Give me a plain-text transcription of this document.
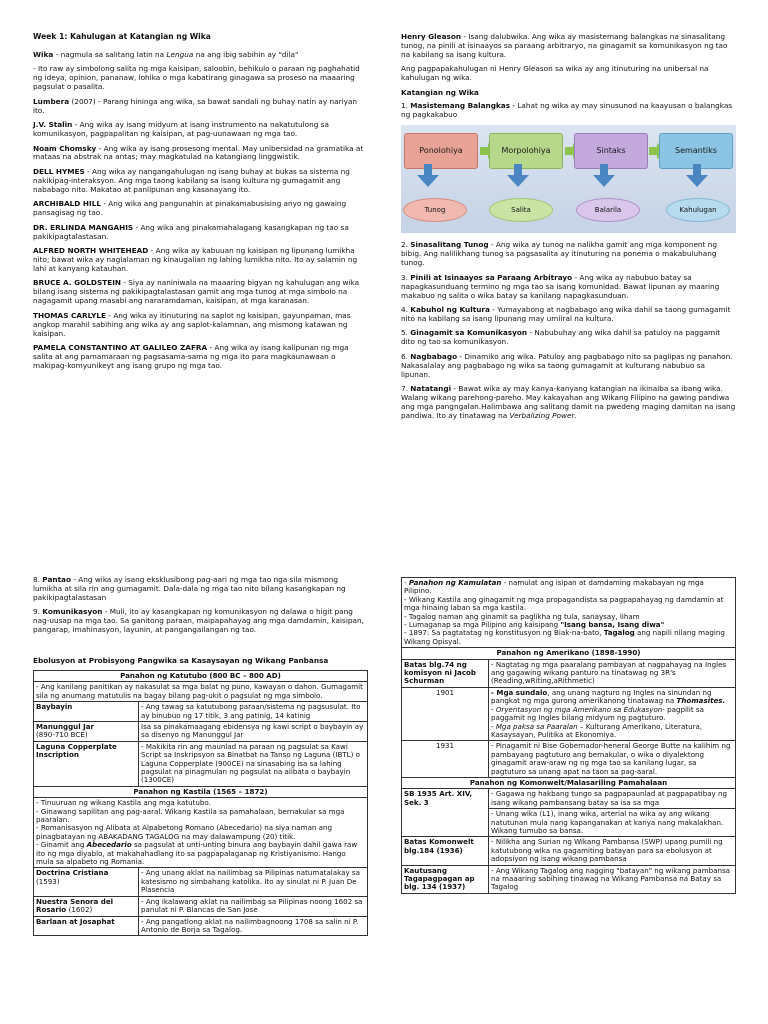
Week 1: Kahulugan at Katangian ng Wika

Wika - nagmula sa salitang latin na Lengua na ang ibig sabihin ay "dila"

- Ito raw ay simbolong salita ng mga kaisipan, saloobin, behikulo o paraan ng paghahatid ng ideya, opinion, pananaw, lohika o mga kabatirang ginagawa sa proseso na maaaring pagsulat o pasalita.

Lumbera (2007) - Parang hininga ang wika, sa bawat sandali ng buhay natin ay nariyan ito.

J.V. Stalin - Ang wika ay isang midyum at isang instrumento na nakatutulong sa komunikasyon, pagpapalitan ng kaisipan, at pag-uunawaan ng mga tao.

Noam Chomsky - Ang wika ay isang prosesong mental. May unibersidad na gramatika at mataas na abstrak na antas; may magkatulad na katangiang linggwistik.

DELL HYMES - Ang wika ay nangangahulugan ng isang buhay at bukas sa sistema ng nakikipag-interaksyon. Ang mga taong kabilang sa isang kultura ng gumagamit ang nababago nito. Makatao at panlipunan ang kasanayang ito.

ARCHIBALD HILL - Ang wika ang pangunahin at pinakamabusising anyo ng gawaing pansagisag ng tao.

DR. ERLINDA MANGAHIS - Ang wika ang pinakamahalagang kasangkapan ng tao sa pakikipagtalastasan.

ALFRED NORTH WHITEHEAD - Ang wika ay kabuuan ng kaisipan ng lipunang lumikha nito; bawat wika ay naglalaman ng kinaugalian ng lahing lumikha nito. Ito ay salamin ng lahi at kanyang katauhan.

BRUCE A. GOLDSTEIN - Siya ay naniniwala na maaaring bigyan ng kahulugan ang wika bilang isang sistema ng pakikipagtalastasan gamit ang mga tunog at mga simbolo na nagagamit upang masabi ang nararamdaman, kaisipan, at mga karanasan.

THOMAS CARLYLE - Ang wika ay itinuturing na saplot ng kaisipan, gayunpaman, mas angkop marahil sabihing ang wika ay ang saplot-kalamnan, ang mismong katawan ng kaisipan.

PAMELA CONSTANTINO AT GALILEO ZAFRA - Ang wika ay isang kalipunan ng mga salita at ang pamamaraan ng pagsasama-sama ng mga ito para magkaunawaan o makipag-komyunikeyt ang isang grupo ng mga tao.

Henry Gleason - Isang dalubwika. Ang wika ay masistemang balangkas na sinasalitang tunog, na pinili at isinaayos sa paraang arbitraryo, na ginagamit sa komunikasyon ng tao na kabilang sa isang kultura.

Ang pagpapakahulugan ni Henry Gleason sa wika ay ang itinuturing na unibersal na kahulugan ng wika.

Katangian ng Wika

1. Masistemang Balangkas - Lahat ng wika ay may sinusunod na kaayusan o balangkas ng pagkakabuo

Ponolohiya	Morpolohiya	Sintaks	Semantiks
Tunog	Salita	Balarila	Kahulugan

2. Sinasalitang Tunog - Ang wika ay tunog na nalikha gamit ang mga komponent ng bibig. Ang nalilikhang tunog sa pagsasalita ay itinuturing na ponema o makabuluhang tunog.

3. Pinili at Isinaayos sa Paraang Arbitrayo - Ang wika ay nabubuo batay sa napagkasunduang termino ng mga tao sa isang komunidad. Bawat lipunan ay maaring makabuo ng salita o wika batay sa kanilang napagkasunduan.

4. Kabuhol ng Kultura - Yumayabong at nagbabago ang wika dahil sa taong gumagamit nito na kabilang sa isang lipunang may umiiral na kultura.

5. Ginagamit sa Komunikasyon - Nabubuhay ang wika dahil sa patuloy na paggamit dito ng tao sa komunikasyon.

6. Nagbabago - Dinamiko ang wika. Patuloy ang pagbabago nito sa paglipas ng panahon. Nakasalalay ang pagbabago ng wika sa taong gumagamit at kulturang nabubuo sa lipunan.

7. Natatangi - Bawat wika ay may kanya-kanyang katangian na ikinaiba sa ibang wika. Walang wikang parehong-pareho. May kakayahan ang Wikang Filipino na gawing pandiwa ang mga pangngalan.Halimbawa ang salitang damit na pwedeng maging damitan na isang pandiwa. Ito ay tinatawag na Verbalizing Power.

8. Pantao - Ang wika ay isang eksklusibong pag-aari ng mga tao nga sila mismong lumikha at sila rin ang gumagamit. Dala-dala ng mga tao nito bilang kasangkapan ng pakikipagtalastasan

9. Komunikasyon - Muli, ito ay kasangkapan ng komunikasyon ng dalawa o higit pang nag-uusap na mga tao. Sa ganitong paraan, maipapahayag ang mga damdamin, kaisipan, pangarap, imahinasyon, layunin, at pangangailangan ng tao.

Ebolusyon at Probisyong Pangwika sa Kasaysayan ng Wikang Panbansa

Panahon ng Katutubo (800 BC – 800 AD)	
- Ang kanilang panitikan ay nakasulat sa mga balat ng puno, kawayan o dahon. Gumagamit sila ng anumang matutulis na bagay bilang pag-ukit o pagsulat ng mga simbolo.	
Baybayin	- Ang tawag sa katutubong paraan/sistema ng pagsusulat. Ito ay binubuo ng 17 titik, 3 ang patinig, 14 katinig
Manunggul Jar
(890-710 BCE)	Isa sa pinakamaagang ebidensya ng kawi script o baybayin ay sa disenyo ng Manunggul Jar
Laguna Copperplate Inscription	- Makikita rin ang maunlad na paraan ng pagsulat sa Kawi Script sa Inskripsyon sa Binatbat na Tanso ng Laguna (IBTL) o Laguna Copperplate (900CE) na sinasabing isa sa lahing pagsulat na pinagmulan ng pagsulat na alibata o baybayin (1300CE)
Panahon ng Kastila (1565 – 1872)	

- Tinuuruan ng wikang Kastila ang mga katutubo.
- Ginawang sapilitan ang pag-aaral. Wikang Kastila sa pamahalaan, bernakular sa mga paaralan.
- Romanisasyon ng Alibata at Alpabetong Romano (Abecedario) na siya naman ang pinagbatayan ng ABAKADANG TAGALOG na may dalawampung (20) titik.
- Ginamit ang Abecedario sa pagsulat at unti-unting binura ang baybayin dahil gawa raw ito ng mga diyablo, at makahahadlang ito sa pagpapalaganap ng Kristiyanismo. Hango mula sa alpabeto ng Romania.	

Doctrina Cristiana
(1593)	- Ang unang aklat na nailimbag sa Pilipinas natumatalakay sa katesismo ng simbahang katolika. Ito ay sinulat ni P. Juan De Plasencia
Nuestra Senora del Rosario (1602)	- Ang ikalawang aklat na nailimbag sa Pilipinas noong 1602 sa panulat ni P. Blancas de San Jose
Barlaan at Josaphat	- Ang pangatlong aklat na nailimbagnoong 1708 sa salin ni P. Antonio de Borja sa Tagalog.
- Panahon ng Kamulatan - namulat ang isipan at damdaming makabayan ng mga Pilipino.
- Wikang Kastila ang ginagamit ng mga propagandista sa pagpapahayag ng damdamin at mga hinaing laban sa mga kastila.
- Tagalog naman ang ginamit sa paglikha ng tula, sanaysay, liham
- Lumaganap sa mga Pilipino ang kaisipang "Isang bansa, Isang diwa"
- 1897: Sa pagtatatag ng konstitusyon ng Biak-na-bato, Tagalog ang napili nilang maging Wikang Opisyal.	

Panahon ng Amerikano (1898-1990)	
Batas blg.74 ng komisyon ni Jacob Schurman	- Nagtatag ng mga paaralang pambayan at nagpahayag na Ingles ang gagawing wikang panturo na tinatawag ng 3R's (Reading,wRiting,aRithmetic)
1901	- Mga sundalo, ang unang nagturo ng Ingles na sinundan ng pangkat ng mga gurong amerikanong tinatawag na Thomasites.
- Oryentasyon ng mga Amerikano sa Edukasyon- pagpilit sa paggamit ng Ingles bilang midyum ng pagtuturo.
- Mga paksa sa Paaralan – Kulturang Amerikano, Literatura, Kasaysayan, Pulitika at Ekonomiya.

1931	- Pinagamit ni Bise Gobernador-heneral George Butte na kalihim ng pambayang pagtuturo ang bernakular, o wika o diyalektong ginagamit araw-araw ng ng mga tao sa kanilang lugar, sa pagtuturo sa unang apat na taon sa pag-aaral.
Panahon ng Komonwelt/Malasariling Pamahalaan	
SB 1935 Art. XIV, Sek. 3	- Gagawa ng hakbang tungo sa pagpapaunlad at pagpapatibay ng isang wikang pambansang batay sa isa sa mga
	- Unang wika (L1), inang wika, arterial na wika ay ang wikang natutunan mula nang kapanganakan at kanya nang makalakhan. Wikang tumubo sa bansa.
Batas Komonwelt blg.184 (1936)	- Nilikha ang Surian ng Wikang Pambansa (SWP) upang pumili ng katutubong wika na gagamiting batayan para sa ebolusyon at adopsiyon ng isang wikang pambansa
Kautusang Tagapagpagan ap blg. 134 (1937)	- Ang Wikang Tagalog ang nagging "batayan" ng wikang pambansa na maaaring sabihing tinawag na Wikang Pambansa na Batay sa Tagalog
